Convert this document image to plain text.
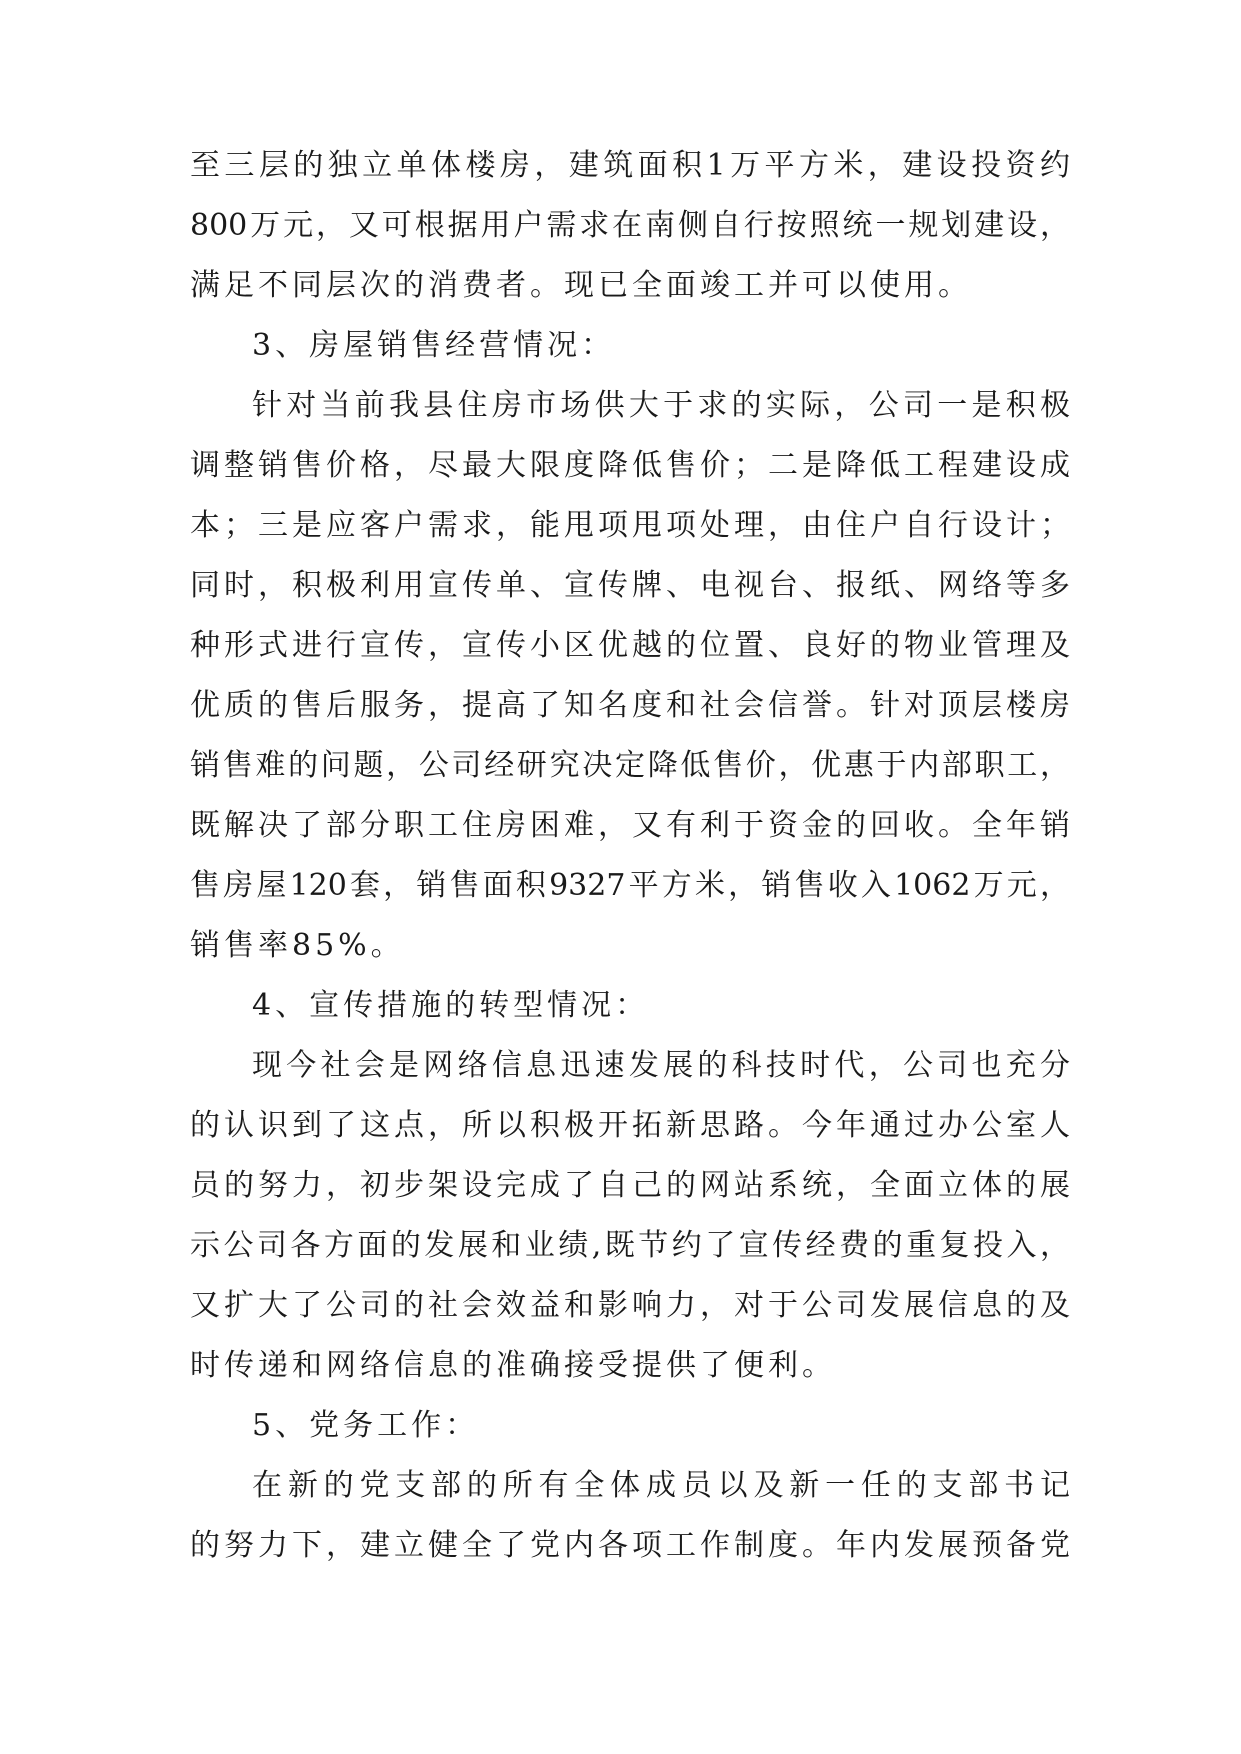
至三层的独立单体楼房，建筑面积1万平方米，建设投资约
800万元，又可根据用户需求在南侧自行按照统一规划建设，
满足不同层次的消费者。现已全面竣工并可以使用。
3、房屋销售经营情况：
针对当前我县住房市场供大于求的实际，公司一是积极
调整销售价格，尽最大限度降低售价；二是降低工程建设成
本；三是应客户需求，能甩项甩项处理，由住户自行设计；
同时，积极利用宣传单、宣传牌、电视台、报纸、网络等多
种形式进行宣传，宣传小区优越的位置、良好的物业管理及
优质的售后服务，提高了知名度和社会信誉。针对顶层楼房
销售难的问题，公司经研究决定降低售价，优惠于内部职工，
既解决了部分职工住房困难，又有利于资金的回收。全年销
售房屋120套，销售面积9327平方米，销售收入1062万元，
销售率85%。
4、宣传措施的转型情况：
现今社会是网络信息迅速发展的科技时代，公司也充分
的认识到了这点，所以积极开拓新思路。今年通过办公室人
员的努力，初步架设完成了自己的网站系统，全面立体的展
示公司各方面的发展和业绩,既节约了宣传经费的重复投入，
又扩大了公司的社会效益和影响力，对于公司发展信息的及
时传递和网络信息的准确接受提供了便利。
5、党务工作：
在新的党支部的所有全体成员以及新一任的支部书记
的努力下，建立健全了党内各项工作制度。年内发展预备党
